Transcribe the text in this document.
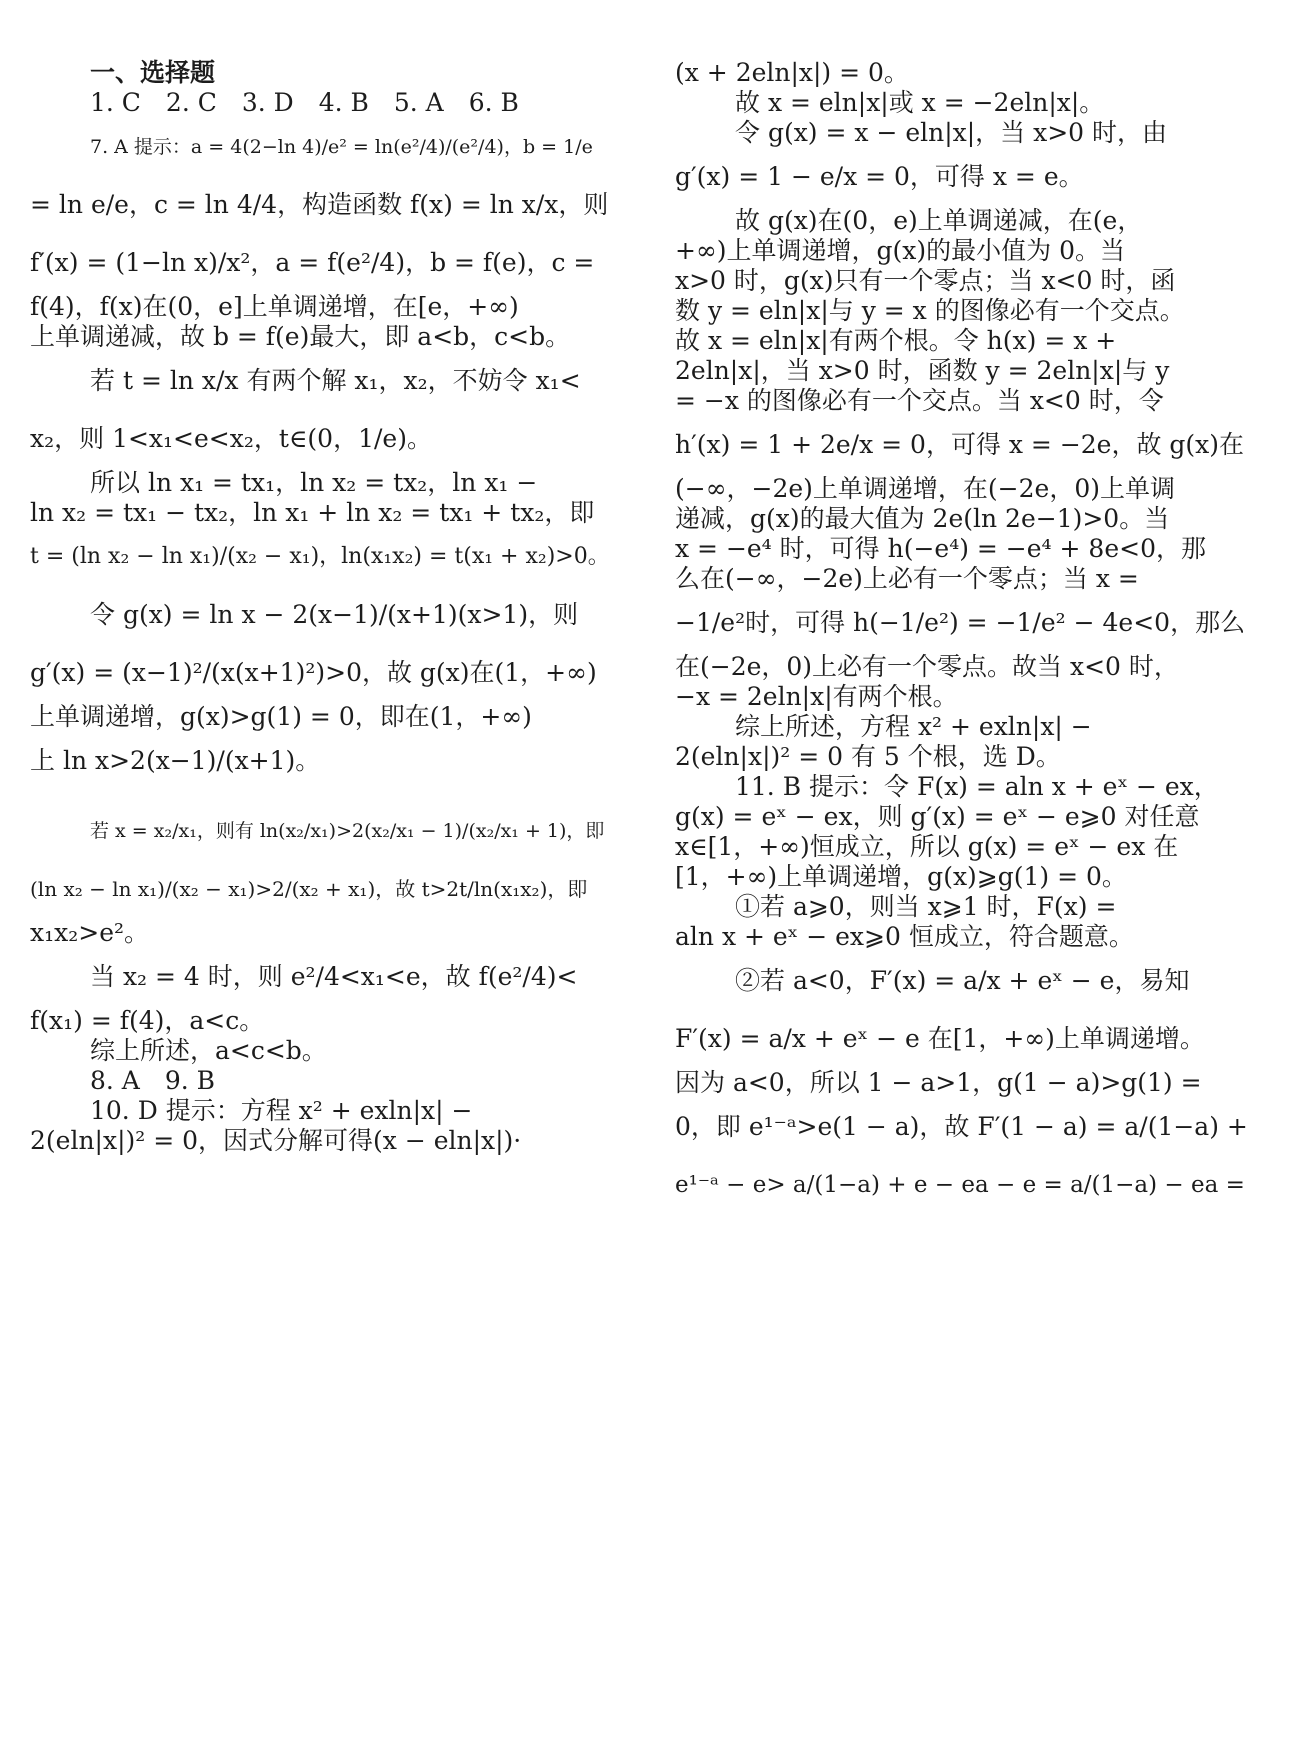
一、选择题

1. C　2. C　3. D　4. B　5. A　6. B

7. A 提示：a = 4(2−ln 4)/e² = ln(e²/4)/(e²/4)，b = 1/e

= ln e/e，c = ln 4/4，构造函数 f(x) = ln x/x，则

f′(x) = (1−ln x)/x²，a = f(e²/4)，b = f(e)，c =

f(4)，f(x)在(0，e]上单调递增，在[e，+∞)

上单调递减，故 b = f(e)最大，即 a<b，c<b。

若 t = ln x/x 有两个解 x₁，x₂，不妨令 x₁<

x₂，则 1<x₁<e<x₂，t∈(0，1/e)。

所以 ln x₁ = tx₁，ln x₂ = tx₂，ln x₁ −

ln x₂ = tx₁ − tx₂，ln x₁ + ln x₂ = tx₁ + tx₂，即

t = (ln x₂ − ln x₁)/(x₂ − x₁)，ln(x₁x₂) = t(x₁ + x₂)>0。

令 g(x) = ln x − 2(x−1)/(x+1)(x>1)，则

g′(x) = (x−1)²/(x(x+1)²)>0，故 g(x)在(1，+∞)

上单调递增，g(x)>g(1) = 0，即在(1，+∞)

上 ln x>2(x−1)/(x+1)。

若 x = x₂/x₁，则有 ln(x₂/x₁)>2(x₂/x₁ − 1)/(x₂/x₁ + 1)，即

(ln x₂ − ln x₁)/(x₂ − x₁)>2/(x₂ + x₁)，故 t>2t/ln(x₁x₂)，即

x₁x₂>e²。

当 x₂ = 4 时，则 e²/4<x₁<e，故 f(e²/4)<

f(x₁) = f(4)，a<c。

综上所述，a<c<b。

8. A　9. B

10. D 提示：方程 x² + exln|x| −

2(eln|x|)² = 0，因式分解可得(x − eln|x|)·

(x + 2eln|x|) = 0。

故 x = eln|x|或 x = −2eln|x|。

令 g(x) = x − eln|x|，当 x>0 时，由

g′(x) = 1 − e/x = 0，可得 x = e。

故 g(x)在(0，e)上单调递减，在(e，

+∞)上单调递增，g(x)的最小值为 0。当

x>0 时，g(x)只有一个零点；当 x<0 时，函

数 y = eln|x|与 y = x 的图像必有一个交点。

故 x = eln|x|有两个根。令 h(x) = x +

2eln|x|，当 x>0 时，函数 y = 2eln|x|与 y

= −x 的图像必有一个交点。当 x<0 时，令

h′(x) = 1 + 2e/x = 0，可得 x = −2e，故 g(x)在

(−∞，−2e)上单调递增，在(−2e，0)上单调

递减，g(x)的最大值为 2e(ln 2e−1)>0。当

x = −e⁴ 时，可得 h(−e⁴) = −e⁴ + 8e<0，那

么在(−∞，−2e)上必有一个零点；当 x =

−1/e²时，可得 h(−1/e²) = −1/e² − 4e<0，那么

在(−2e，0)上必有一个零点。故当 x<0 时，

−x = 2eln|x|有两个根。

综上所述，方程 x² + exln|x| −

2(eln|x|)² = 0 有 5 个根，选 D。

11. B 提示：令 F(x) = aln x + eˣ − ex，

g(x) = eˣ − ex，则 g′(x) = eˣ − e⩾0 对任意

x∈[1，+∞)恒成立，所以 g(x) = eˣ − ex 在

[1，+∞)上单调递增，g(x)⩾g(1) = 0。

①若 a⩾0，则当 x⩾1 时，F(x) =

aln x + eˣ − ex⩾0 恒成立，符合题意。

②若 a<0，F′(x) = a/x + eˣ − e，易知

F′(x) = a/x + eˣ − e 在[1，+∞)上单调递增。

因为 a<0，所以 1 − a>1，g(1 − a)>g(1) =

0，即 e¹⁻ᵃ>e(1 − a)，故 F′(1 − a) = a/(1−a) +

e¹⁻ᵃ − e> a/(1−a) + e − ea − e = a/(1−a) − ea =
